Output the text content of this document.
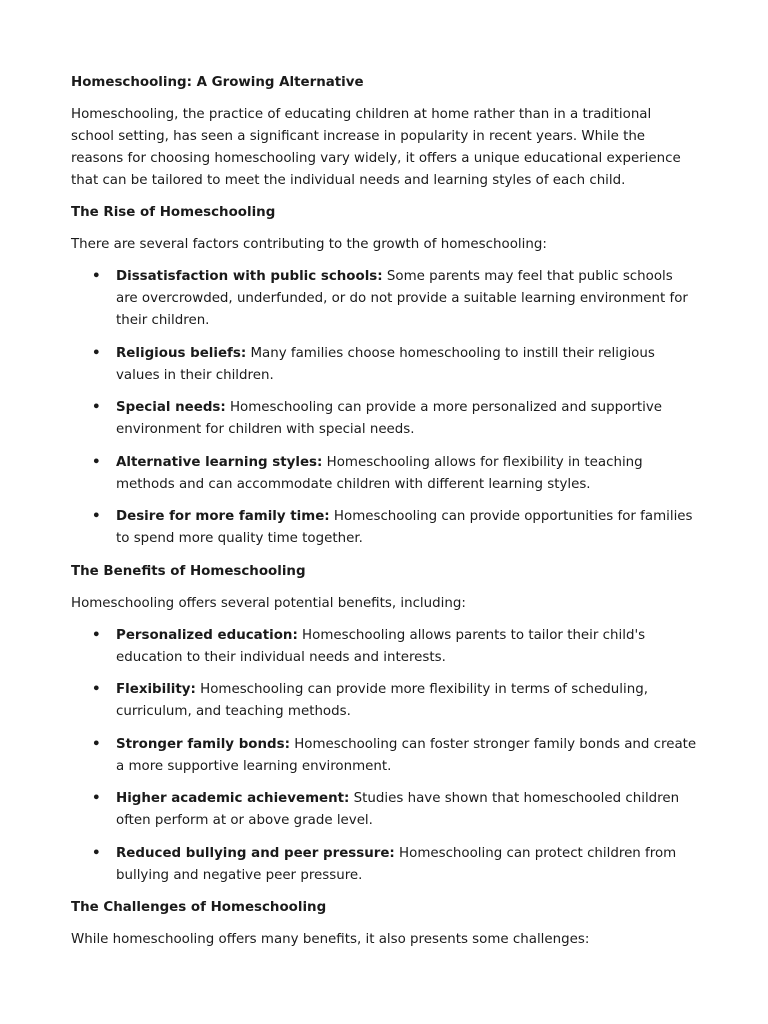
Homeschooling: A Growing Alternative

Homeschooling, the practice of educating children at home rather than in a traditional school setting, has seen a significant increase in popularity in recent years. While the reasons for choosing homeschooling vary widely, it offers a unique educational experience that can be tailored to meet the individual needs and learning styles of each child.

The Rise of Homeschooling

There are several factors contributing to the growth of homeschooling:

• Dissatisfaction with public schools: Some parents may feel that public schools are overcrowded, underfunded, or do not provide a suitable learning environment for their children.
• Religious beliefs: Many families choose homeschooling to instill their religious values in their children.
• Special needs: Homeschooling can provide a more personalized and supportive environment for children with special needs.
• Alternative learning styles: Homeschooling allows for flexibility in teaching methods and can accommodate children with different learning styles.
• Desire for more family time: Homeschooling can provide opportunities for families to spend more quality time together.
The Benefits of Homeschooling

Homeschooling offers several potential benefits, including:

• Personalized education: Homeschooling allows parents to tailor their child's education to their individual needs and interests.
• Flexibility: Homeschooling can provide more flexibility in terms of scheduling, curriculum, and teaching methods.
• Stronger family bonds: Homeschooling can foster stronger family bonds and create a more supportive learning environment.
• Higher academic achievement: Studies have shown that homeschooled children often perform at or above grade level.
• Reduced bullying and peer pressure: Homeschooling can protect children from bullying and negative peer pressure.
The Challenges of Homeschooling

While homeschooling offers many benefits, it also presents some challenges:
